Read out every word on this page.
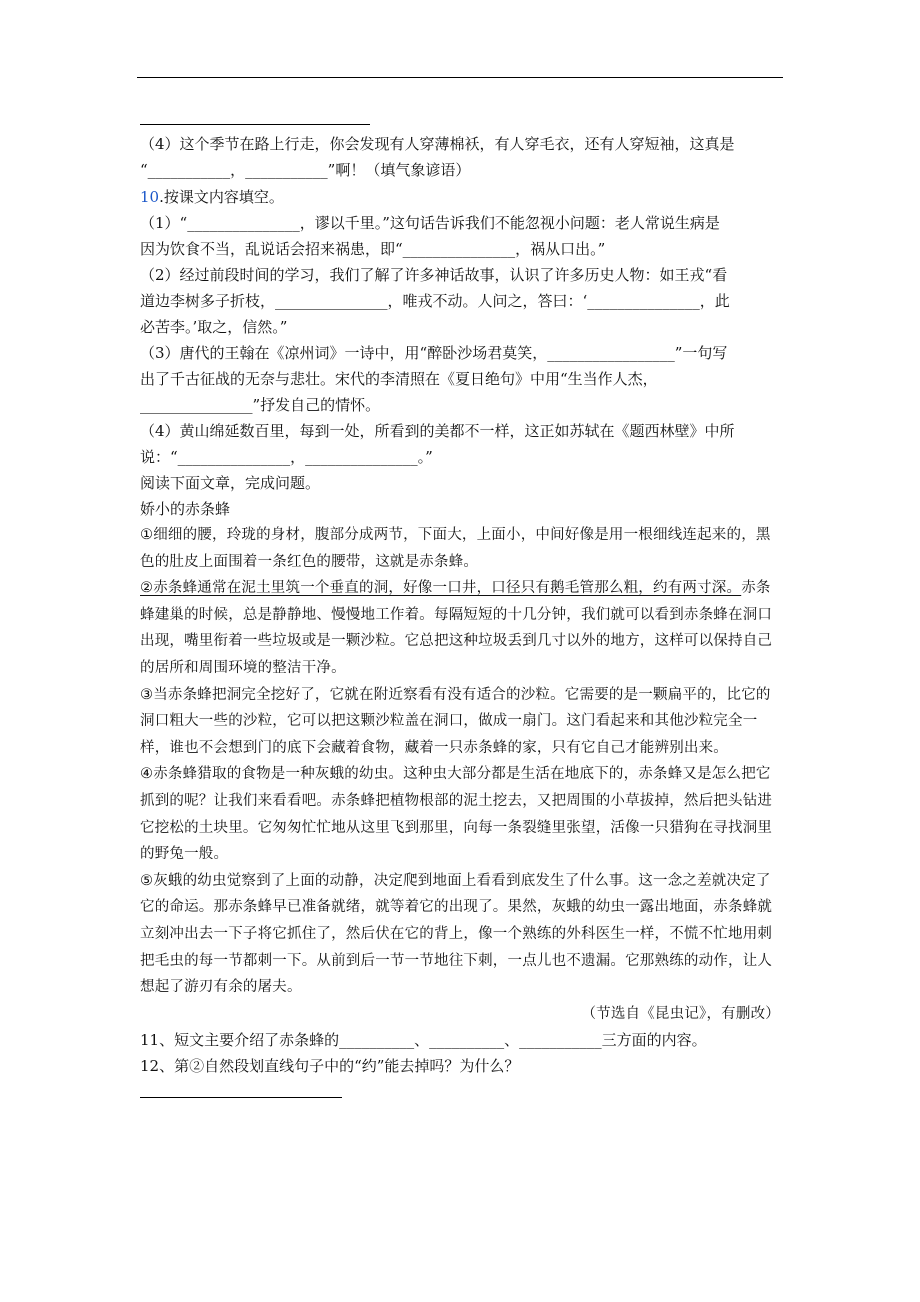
（4）这个季节在路上行走，你会发现有人穿薄棉袄，有人穿毛衣，还有人穿短袖，这真是
“___________，___________”啊！（填气象谚语）
10.按课文内容填空。
（1）“_______________，谬以千里。”这句话告诉我们不能忽视小问题：老人常说生病是
因为饮食不当，乱说话会招来祸患，即“_______________，祸从口出。”
（2）经过前段时间的学习，我们了解了许多神话故事，认识了许多历史人物：如王戎“看
道边李树多子折枝，_______________，唯戎不动。人问之，答曰：‘_______________，此
必苦李。’取之，信然。”
（3）唐代的王翰在《凉州词》一诗中，用“醉卧沙场君莫笑，_________________”一句写
出了千古征战的无奈与悲壮。宋代的李清照在《夏日绝句》中用“生当作人杰，
_______________”抒发自己的情怀。
（4）黄山绵延数百里，每到一处，所看到的美都不一样，这正如苏轼在《题西林壁》中所
说：“_______________，_______________。”
阅读下面文章，完成问题。
娇小的赤条蜂
①细细的腰，玲珑的身材，腹部分成两节，下面大，上面小，中间好像是用一根细线连起来的，黑色的肚皮上面围着一条红色的腰带，这就是赤条蜂。
②赤条蜂通常在泥土里筑一个垂直的洞，好像一口井，口径只有鹅毛管那么粗，约有两寸深。赤条蜂建巢的时候，总是静静地、慢慢地工作着。每隔短短的十几分钟，我们就可以看到赤条蜂在洞口出现，嘴里衔着一些垃圾或是一颗沙粒。它总把这种垃圾丢到几寸以外的地方，这样可以保持自己的居所和周围环境的整洁干净。
③当赤条蜂把洞完全挖好了，它就在附近察看有没有适合的沙粒。它需要的是一颗扁平的，比它的洞口粗大一些的沙粒，它可以把这颗沙粒盖在洞口，做成一扇门。这门看起来和其他沙粒完全一样，谁也不会想到门的底下会藏着食物，藏着一只赤条蜂的家，只有它自己才能辨别出来。
④赤条蜂猎取的食物是一种灰蛾的幼虫。这种虫大部分都是生活在地底下的，赤条蜂又是怎么把它抓到的呢？让我们来看看吧。赤条蜂把植物根部的泥土挖去，又把周围的小草拔掉，然后把头钻进它挖松的土块里。它匆匆忙忙地从这里飞到那里，向每一条裂缝里张望，活像一只猎狗在寻找洞里的野兔一般。
⑤灰蛾的幼虫觉察到了上面的动静，决定爬到地面上看看到底发生了什么事。这一念之差就决定了它的命运。那赤条蜂早已准备就绪，就等着它的出现了。果然，灰蛾的幼虫一露出地面，赤条蜂就立刻冲出去一下子将它抓住了，然后伏在它的背上，像一个熟练的外科医生一样，不慌不忙地用刺把毛虫的每一节都刺一下。从前到后一节一节地往下刺，一点儿也不遗漏。它那熟练的动作，让人想起了游刃有余的屠夫。
（节选自《昆虫记》，有删改）
11、短文主要介绍了赤条蜂的__________、__________、___________三方面的内容。
12、第②自然段划直线句子中的“约”能去掉吗？为什么？
